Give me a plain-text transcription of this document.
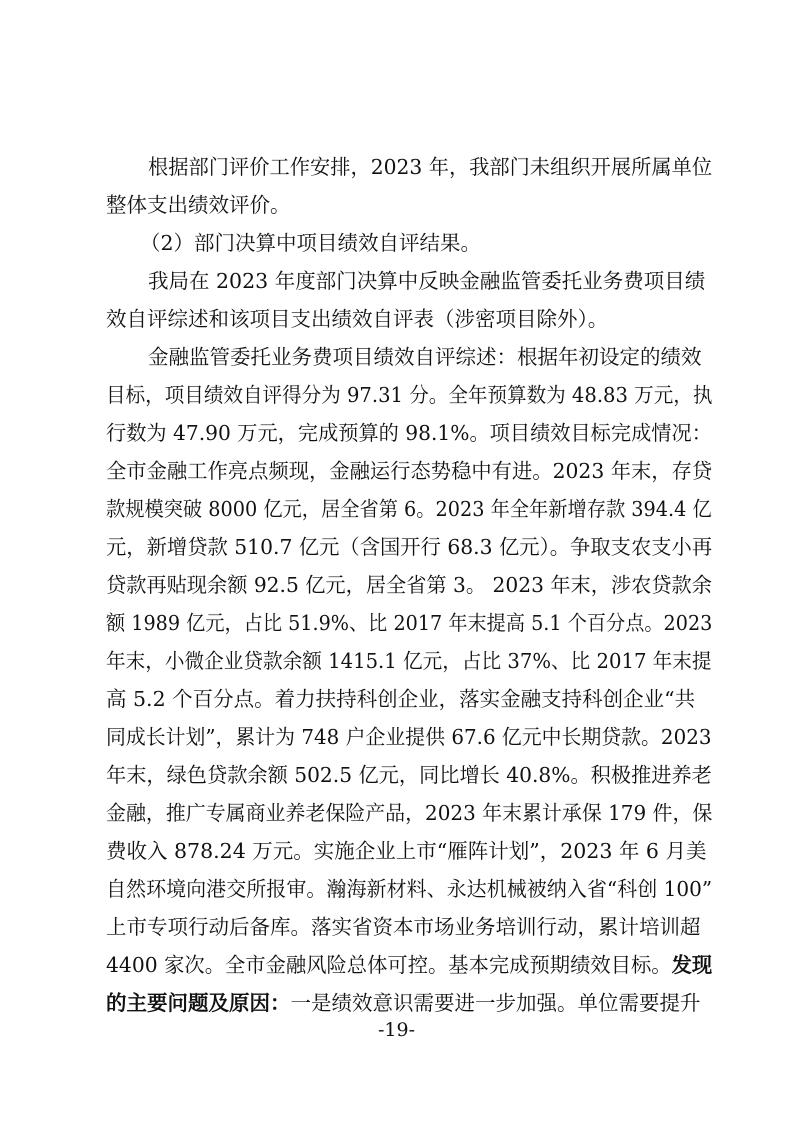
根据部门评价工作安排，2023 年，我部门未组织开展所属单位
整体支出绩效评价。
（2）部门决算中项目绩效自评结果。
我局在 2023 年度部门决算中反映金融监管委托业务费项目绩
效自评综述和该项目支出绩效自评表（涉密项目除外）。
金融监管委托业务费项目绩效自评综述：根据年初设定的绩效
目标，项目绩效自评得分为 97.31 分。全年预算数为 48.83 万元，执
行数为 47.90 万元，完成预算的 98.1%。项目绩效目标完成情况：
全市金融工作亮点频现，金融运行态势稳中有进。2023 年末，存贷
款规模突破 8000 亿元，居全省第 6。2023 年全年新增存款 394.4 亿
元，新增贷款 510.7 亿元（含国开行 68.3 亿元）。争取支农支小再
贷款再贴现余额 92.5 亿元，居全省第 3。 2023 年末，涉农贷款余
额 1989 亿元，占比 51.9%、比 2017 年末提高 5.1 个百分点。2023
年末，小微企业贷款余额 1415.1 亿元，占比 37%、比 2017 年末提
高 5.2 个百分点。着力扶持科创企业，落实金融支持科创企业“共
同成长计划”，累计为 748 户企业提供 67.6 亿元中长期贷款。2023
年末，绿色贷款余额 502.5 亿元，同比增长 40.8%。积极推进养老
金融，推广专属商业养老保险产品，2023 年末累计承保 179 件，保
费收入 878.24 万元。实施企业上市“雁阵计划”，2023 年 6 月美
自然环境向港交所报审。瀚海新材料、永达机械被纳入省“科创 100”
上市专项行动后备库。落实省资本市场业务培训行动，累计培训超
4400 家次。全市金融风险总体可控。基本完成预期绩效目标。发现
的主要问题及原因：一是绩效意识需要进一步加强。单位需要提升
-19-
